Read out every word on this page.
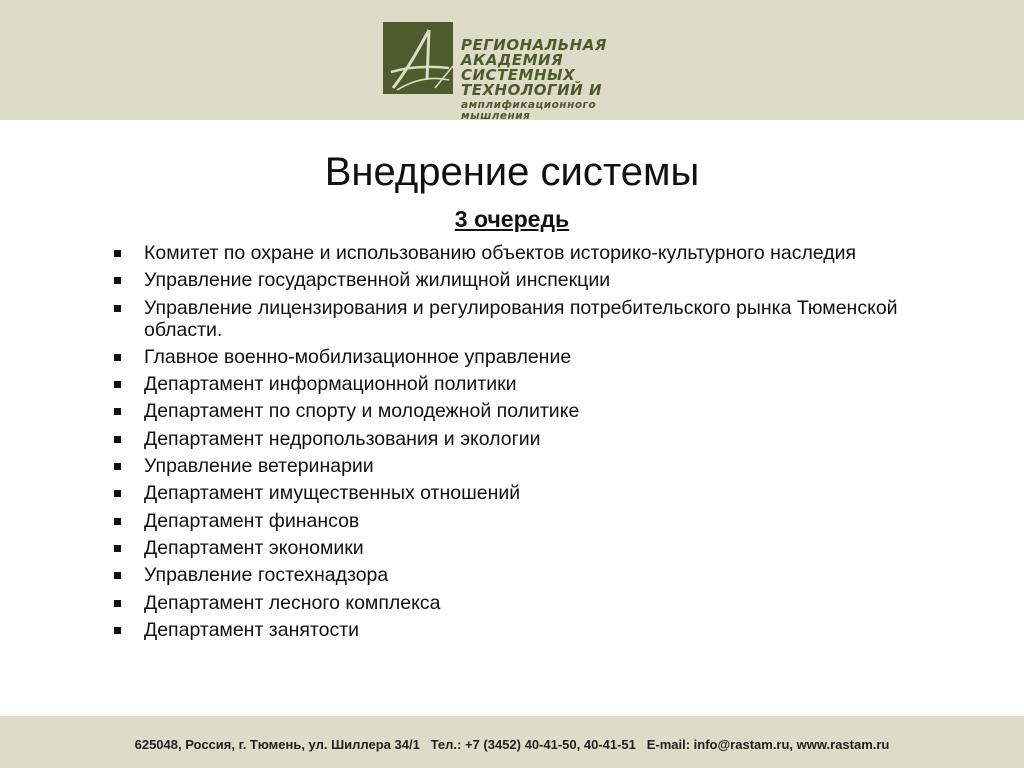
РЕГИОНАЛЬНАЯ АКАДЕМИЯ
СИСТЕМНЫХ ТЕХНОЛОГИЙ И
амплификационного мышления
Внедрение системы
3 очередь
Комитет по охране и использованию объектов историко-культурного наследия
Управление государственной жилищной инспекции
Управление лицензирования и регулирования потребительского рынка Тюменской области.
Главное военно-мобилизационное управление
Департамент информационной политики
Департамент по спорту и молодежной политике
Департамент недропользования и экологии
Управление ветеринарии
Департамент имущественных отношений
Департамент финансов
Департамент экономики
Управление гостехнадзора
Департамент лесного комплекса
Департамент занятости
625048, Россия, г. Тюмень, ул. Шиллера 34/1   Тел.: +7 (3452) 40-41-50, 40-41-51   E-mail: info@rastam.ru, www.rastam.ru
